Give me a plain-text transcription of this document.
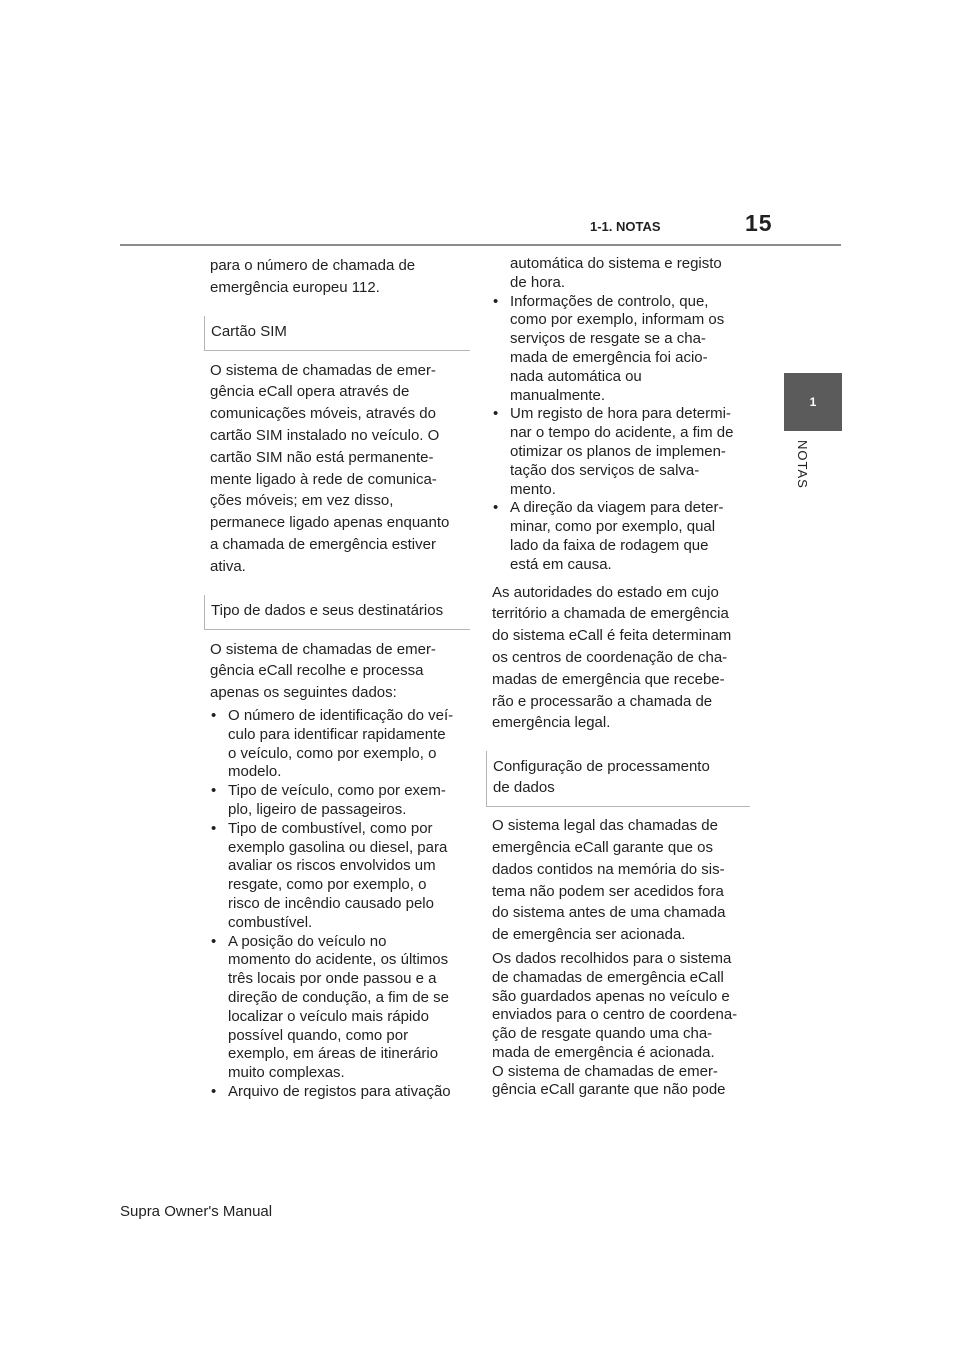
1-1. NOTAS	15
1
NOTAS

para o número de chamada de

emergência europeu 112.

Cartão SIM

O sistema de chamadas de emer-

gência eCall opera através de

comunicações móveis, através do

cartão SIM instalado no veículo. O

cartão SIM não está permanente-

mente ligado à rede de comunica-

ções móveis; em vez disso,

permanece ligado apenas enquanto

a chamada de emergência estiver

ativa.

Tipo de dados e seus destinatários

O sistema de chamadas de emer-

gência eCall recolhe e processa

apenas os seguintes dados:

• O número de identificação do veí-
culo para identificar rapidamente
o veículo, como por exemplo, o
modelo.
• Tipo de veículo, como por exem-
plo, ligeiro de passageiros.
• Tipo de combustível, como por
exemplo gasolina ou diesel, para
avaliar os riscos envolvidos um
resgate, como por exemplo, o
risco de incêndio causado pelo
combustível.
• A posição do veículo no
momento do acidente, os últimos
três locais por onde passou e a
direção de condução, a fim de se
localizar o veículo mais rápido
possível quando, como por
exemplo, em áreas de itinerário
muito complexas.
• Arquivo de registos para ativação
automática do sistema e registo
de hora.
• Informações de controlo, que,
como por exemplo, informam os
serviços de resgate se a cha-
mada de emergência foi acio-
nada automática ou
manualmente.
• Um registo de hora para determi-
nar o tempo do acidente, a fim de
otimizar os planos de implemen-
tação dos serviços de salva-
mento.
• A direção da viagem para deter-
minar, como por exemplo, qual
lado da faixa de rodagem que
está em causa.

As autoridades do estado em cujo

território a chamada de emergência

do sistema eCall é feita determinam

os centros de coordenação de cha-

madas de emergência que recebe-

rão e processarão a chamada de

emergência legal.

Configuração de processamento
de dados

O sistema legal das chamadas de

emergência eCall garante que os

dados contidos na memória do sis-

tema não podem ser acedidos fora

do sistema antes de uma chamada

de emergência ser acionada.

Os dados recolhidos para o sistema

de chamadas de emergência eCall

são guardados apenas no veículo e

enviados para o centro de coordena-

ção de resgate quando uma cha-

mada de emergência é acionada.

O sistema de chamadas de emer-

gência eCall garante que não pode

Supra Owner's Manual
